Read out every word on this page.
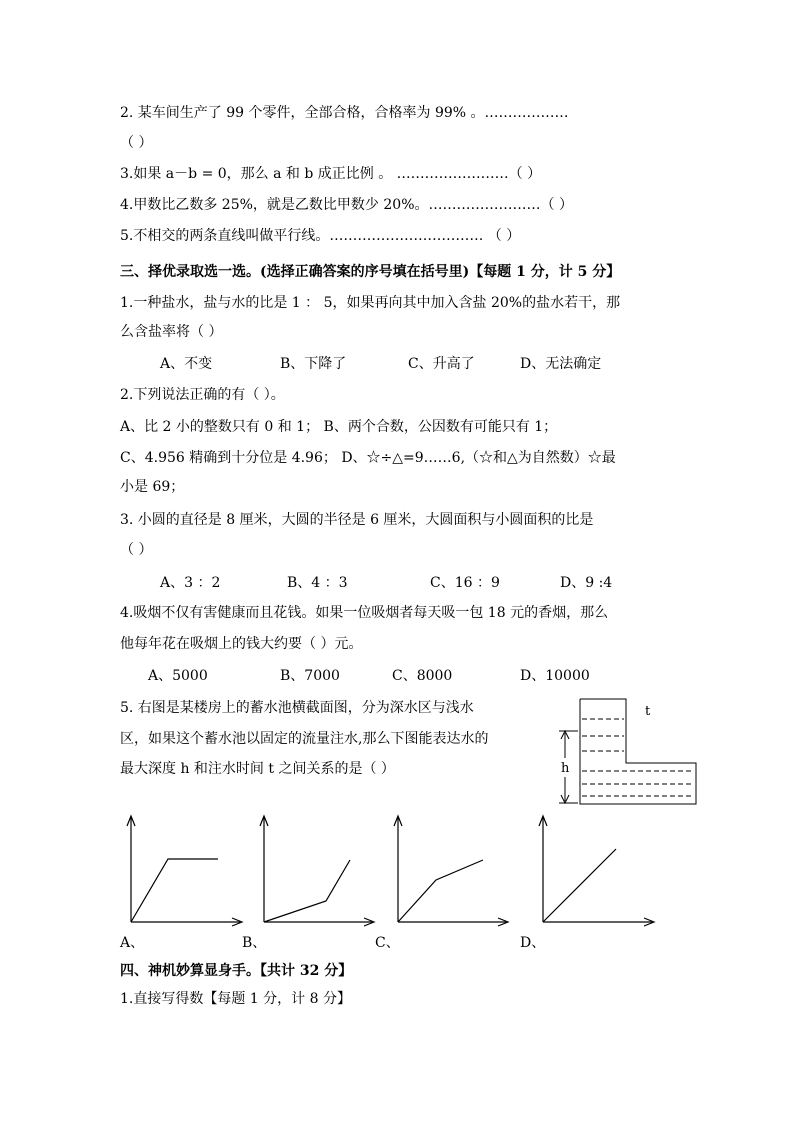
2. 某车间生产了 99 个零件，全部合格，合格率为 99% 。………………
（ ）
3.如果 a－b = 0，那么 a 和 b 成正比例 。 ……………………（ ）
4.甲数比乙数多 25%，就是乙数比甲数少 20%。……………………（ ）
5.不相交的两条直线叫做平行线。…………………………… （ ）
三、择优录取选一选。(选择正确答案的序号填在括号里)【每题 1 分，计 5 分】
1.一种盐水，盐与水的比是 1 ： 5，如果再向其中加入含盐 20%的盐水若干，那
么含盐率将（ ）
A、不变	B、下降了	C、升高了	D、无法确定
2.下列说法正确的有（ ）。
A、比 2 小的整数只有 0 和 1； B、两个合数，公因数有可能只有 1；
C、4.956 精确到十分位是 4.96； D、☆÷△=9……6,（☆和△为自然数）☆最
小是 69；
3. 小圆的直径是 8 厘米，大圆的半径是 6 厘米，大圆面积与小圆面积的比是
（ ）
A、3 ：2	B、4 ：3	C、16 ：9	D、9 :4
4.吸烟不仅有害健康而且花钱。如果一位吸烟者每天吸一包 18 元的香烟，那么
他每年花在吸烟上的钱大约要（ ）元。
A、5000	B、7000	C、8000	D、10000
5. 右图是某楼房上的蓄水池横截面图，分为深水区与浅水
区，如果这个蓄水池以固定的流量注水,那么下图能表达水的
最大深度 h 和注水时间 t 之间关系的是（ ）
t
h
A、	B、	C、	D、
四、神机妙算显身手。【共计 32 分】
1.直接写得数【每题 1 分，计 8 分】
